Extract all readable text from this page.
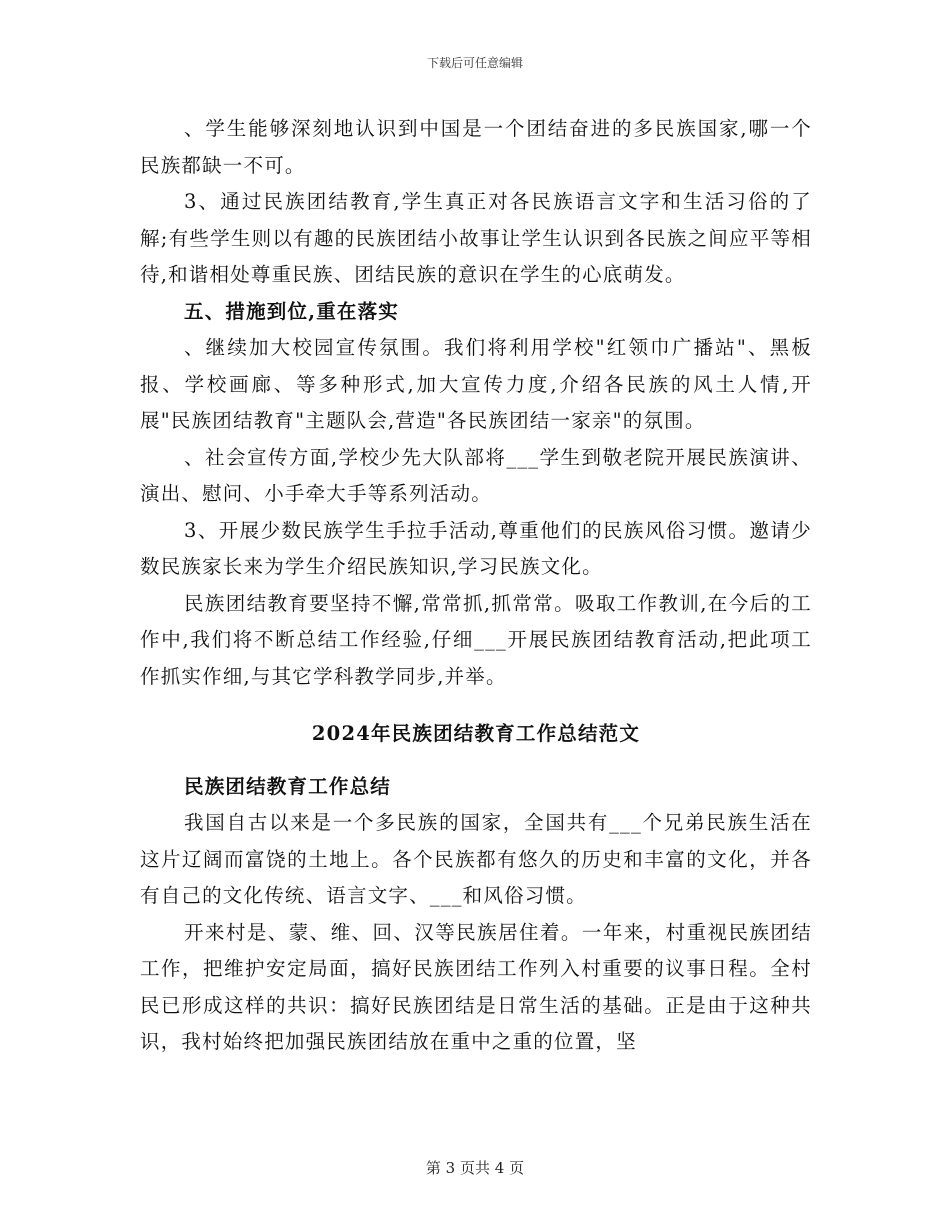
下载后可任意编辑

、学生能够深刻地认识到中国是一个团结奋进的多民族国家,哪一个民族都缺一不可。

3、通过民族团结教育,学生真正对各民族语言文字和生活习俗的了解;有些学生则以有趣的民族团结小故事让学生认识到各民族之间应平等相待,和谐相处尊重民族、团结民族的意识在学生的心底萌发。

五、措施到位,重在落实

、继续加大校园宣传氛围。我们将利用学校"红领巾广播站"、黑板报、学校画廊、等多种形式,加大宣传力度,介绍各民族的风土人情,开展"民族团结教育"主题队会,营造"各民族团结一家亲"的氛围。

、社会宣传方面,学校少先大队部将___学生到敬老院开展民族演讲、演出、慰问、小手牵大手等系列活动。

3、开展少数民族学生手拉手活动,尊重他们的民族风俗习惯。邀请少数民族家长来为学生介绍民族知识,学习民族文化。

民族团结教育要坚持不懈,常常抓,抓常常。吸取工作教训,在今后的工作中,我们将不断总结工作经验,仔细___开展民族团结教育活动,把此项工作抓实作细,与其它学科教学同步,并举。

2024年民族团结教育工作总结范文

民族团结教育工作总结

我国自古以来是一个多民族的国家，全国共有___个兄弟民族生活在这片辽阔而富饶的土地上。各个民族都有悠久的历史和丰富的文化，并各有自己的文化传统、语言文字、___和风俗习惯。

开来村是、蒙、维、回、汉等民族居住着。一年来，村重视民族团结工作，把维护安定局面，搞好民族团结工作列入村重要的议事日程。全村民已形成这样的共识：搞好民族团结是日常生活的基础。正是由于这种共识，我村始终把加强民族团结放在重中之重的位置，坚

第 3 页共 4 页
